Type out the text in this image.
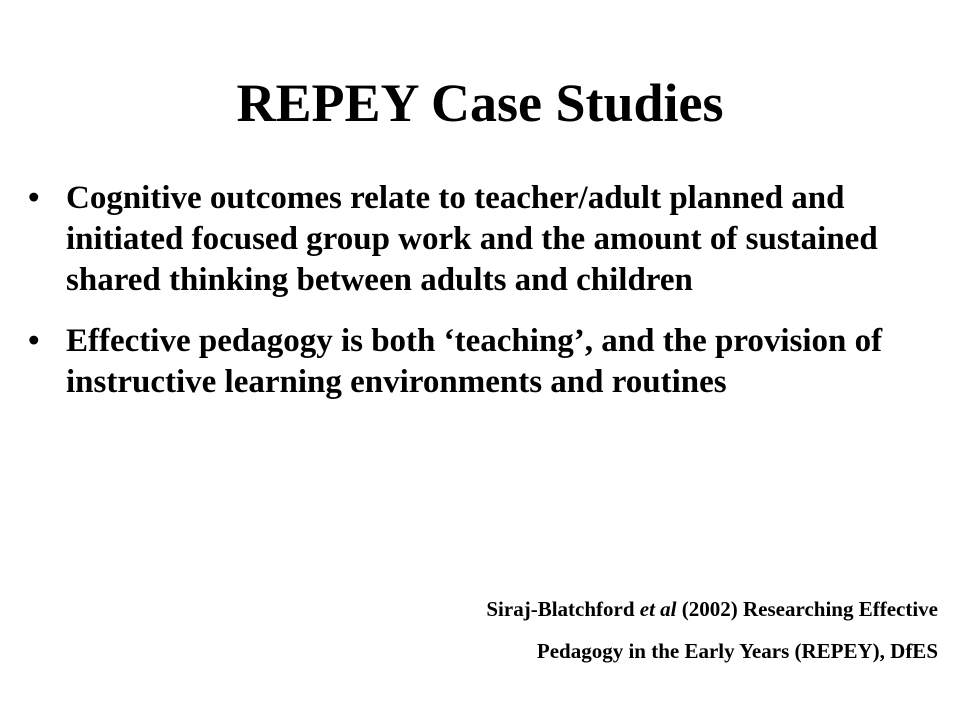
REPEY Case Studies
• Cognitive outcomes relate to teacher/adult planned and initiated focused group work and the amount of sustained shared thinking between adults and children
• Effective pedagogy is both ‘teaching’, and the provision of instructive learning environments and routines
Siraj-Blatchford et al (2002) Researching Effective
Pedagogy in the Early Years (REPEY), DfES
